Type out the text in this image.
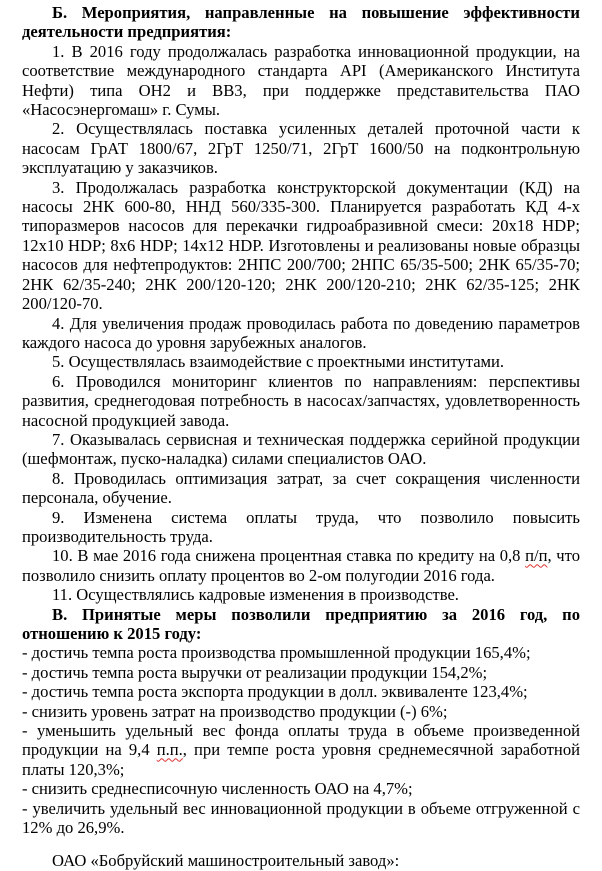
Б. Мероприятия, направленные на повышение эффективности деятельности предприятия:

1. В 2016 году продолжалась разработка инновационной продукции, на соответствие международного стандарта API (Американского Института Нефти) типа ОН2 и ВВ3, при поддержке представительства ПАО «Насосэнергомаш» г. Сумы.

2. Осуществлялась поставка усиленных деталей проточной части к насосам ГрАТ 1800/67, 2ГрТ 1250/71, 2ГрТ 1600/50 на подконтрольную эксплуатацию у заказчиков.

3. Продолжалась разработка конструкторской документации (КД) на насосы 2НК 600-80, ННД 560/335-300. Планируется разработать КД 4-х типоразмеров насосов для перекачки гидроабразивной смеси: 20х18 HDP; 12х10 HDP; 8х6 HDP; 14х12 HDP. Изготовлены и реализованы новые образцы насосов для нефтепродуктов: 2НПС 200/700; 2НПС 65/35-500; 2НК 65/35-70; 2НК 62/35-240; 2НК 200/120-120; 2НК 200/120-210; 2НК 62/35-125; 2НК 200/120-70.

4. Для увеличения продаж проводилась работа по доведению параметров каждого насоса до уровня зарубежных аналогов.

5. Осуществлялась взаимодействие с проектными институтами.

6. Проводился мониторинг клиентов по направлениям: перспективы развития, среднегодовая потребность в насосах/запчастях, удовлетворенность насосной продукцией завода.

7. Оказывалась сервисная и техническая поддержка серийной продукции (шефмонтаж, пуско-наладка) силами специалистов ОАО.

8. Проводилась оптимизация затрат, за счет сокращения численности персонала, обучение.

9. Изменена система оплаты труда, что позволило повысить производительность труда.

10. В мае 2016 года снижена процентная ставка по кредиту на 0,8 п/п, что позволило снизить оплату процентов во 2-ом полугодии 2016 года.

11. Осуществлялись кадровые изменения в производстве.

В. Принятые меры позволили предприятию за 2016 год, по отношению к 2015 году:

- достичь темпа роста производства промышленной продукции 165,4%;

- достичь темпа роста выручки от реализации продукции 154,2%;

- достичь темпа роста экспорта продукции в долл. эквиваленте 123,4%;

- снизить уровень затрат на производство продукции (-) 6%;

- уменьшить удельный вес фонда оплаты труда в объеме произведенной продукции на 9,4 п.п., при темпе роста уровня среднемесячной заработной платы 120,3%;

- снизить среднесписочную численность ОАО на 4,7%;

- увеличить удельный вес инновационной продукции в объеме отгруженной с 12% до 26,9%.

ОАО «Бобруйский машиностроительный завод»:
